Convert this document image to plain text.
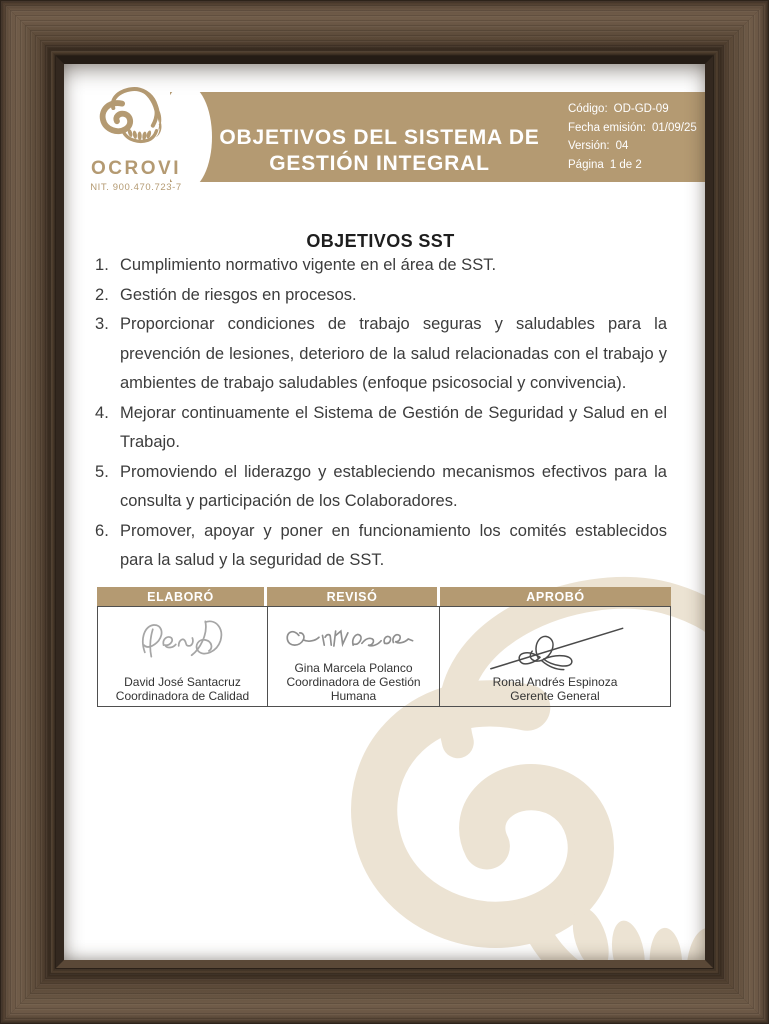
OBJETIVOS DEL SISTEMA DE
GESTIÓN INTEGRAL
Código: OD-GD-09
Fecha emisión: 01/09/25
Versión: 04
Página 1 de 2
OCROVI
NIT. 900.470.723-7
OBJETIVOS SST
Cumplimiento normativo vigente en el área de SST.
Gestión de riesgos en procesos.
Proporcionar condiciones de trabajo seguras y saludables para la prevención de lesiones, deterioro de la salud relacionadas con el trabajo y ambientes de trabajo saludables (enfoque psicosocial y convivencia).
Mejorar continuamente el Sistema de Gestión de Seguridad y Salud en el Trabajo.
Promoviendo el liderazgo y estableciendo mecanismos efectivos para la consulta y participación de los Colaboradores.
Promover, apoyar y poner en funcionamiento los comités establecidos para la salud y la seguridad de SST.
ELABORÓ	REVISÓ	APROBÓ
David José Santacruz
Coordinadora de Calidad
Gina Marcela Polanco
Coordinadora de Gestión Humana
Ronal Andrés Espinoza
Gerente General
